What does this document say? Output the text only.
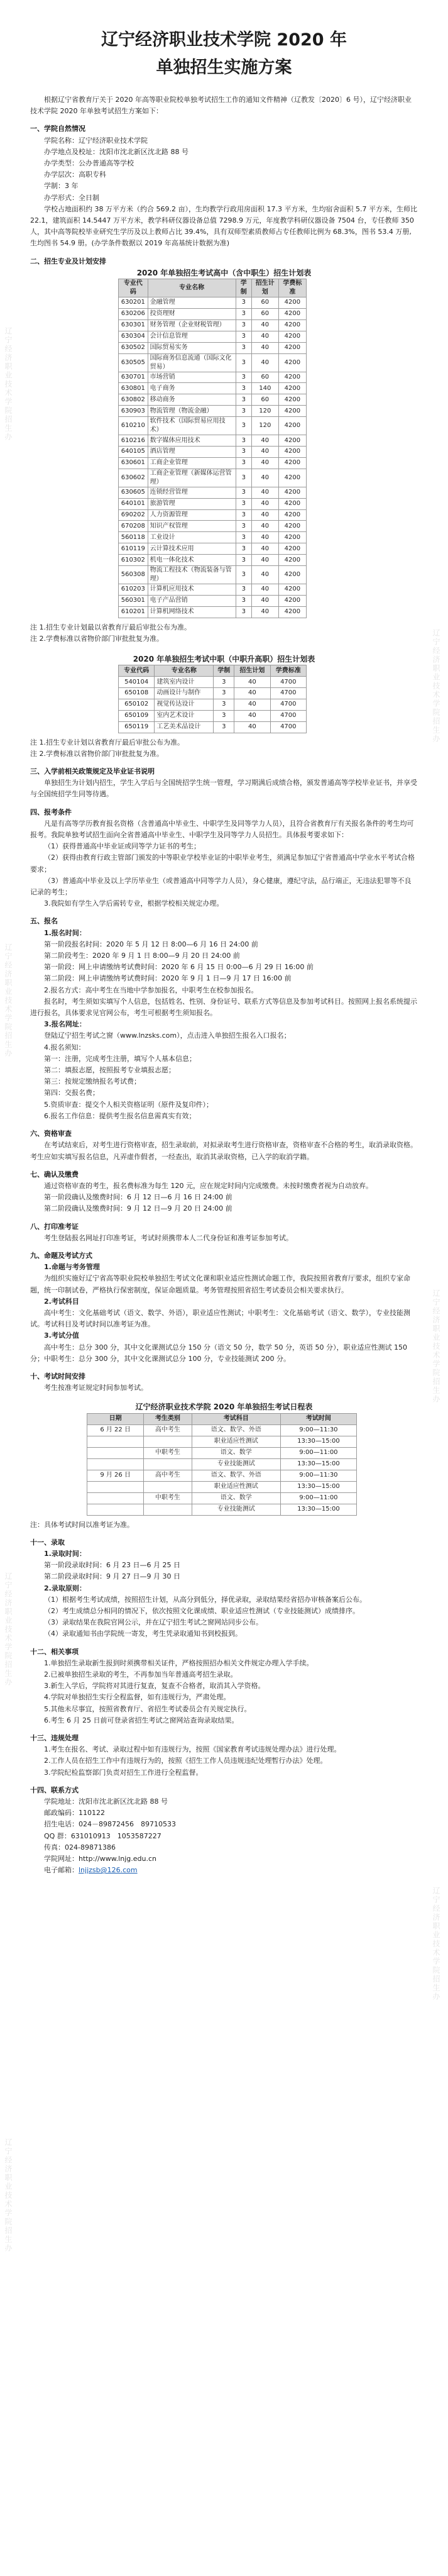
辽宁经济职业技术学院招生办
辽宁经济职业技术学院招生办
辽宁经济职业技术学院招生办
辽宁经济职业技术学院招生办
辽宁经济职业技术学院招生办
辽宁经济职业技术学院招生办
辽宁经济职业技术学院招生办
辽宁经济职业技术学院 2020 年
单独招生实施方案

根据辽宁省教育厅关于 2020 年高等职业院校单独考试招生工作的通知文件精神（辽教发〔2020〕6 号），辽宁经济职业技术学院 2020 年单独考试招生方案如下：

一、学院自然情况

学院名称：辽宁经济职业技术学院

办学地点及校址：沈阳市沈北新区沈北路 88 号

办学类型：公办普通高等学校

办学层次：高职专科

学制：3 年

办学形式：全日制

学校占地面积约 38 万平方米（约合 569.2 亩），生均教学行政用房面积 17.3 平方米，生均宿舍面积 5.7 平方米，生师比 22.1，建筑面积 14.5447 万平方米，教学科研仪器设备总值 7298.9 万元，年度教学科研仪器设备 7504 台，专任教师 350 人，其中高等院校毕业研究生学历及以上教师占比 39.4%，具有双师型素质教师占专任教师比例为 68.3%，图书 53.4 万册,生均图书 54.9 册。(办学条件数据以 2019 年高基统计数据为准)

二、招生专业及计划安排

2020 年单独招生考试高中（含中职生）招生计划表

专业代码	专业名称	学制	招生计划	学费标准
630201	金融管理	3	60	4200
630206	投资理财	3	60	4200
630301	财务管理（企业财税管理）	3	40	4200
630304	会计信息管理	3	40	4200
630502	国际贸易实务	3	40	4200
630505	国际商务信息流通（国际文化贸易）	3	40	4200
630701	市场营销	3	60	4200
630801	电子商务	3	140	4200
630802	移动商务	3	60	4200
630903	物流管理（物流金融）	3	120	4200
610210	软件技术（国际贸易应用技术）	3	120	4200
610216	数字媒体应用技术	3	40	4200
640105	酒店管理	3	40	4200
630601	工商企业管理	3	40	4200
630602	工商企业管理（新媒体运营管理）	3	40	4200
630605	连锁经营管理	3	40	4200
640101	旅游管理	3	40	4200
690202	人力资源管理	3	40	4200
670208	知识产权管理	3	40	4200
560118	工业设计	3	40	4200
610119	云计算技术应用	3	40	4200
610302	机电一体化技术	3	40	4200
560308	物流工程技术（物流装备与管理）	3	40	4200
610203	计算机应用技术	3	40	4200
560301	电子产品营销	3	40	4200
610201	计算机网络技术	3	40	4200

注 1.招生专业计划最以省教育厅最后审批公布为准。

注 2.学费标准以省物价部门审批批复为准。

2020 年单独招生考试中职（中职升高职）招生计划表

专业代码	专业名称	学制	招生计划	学费标准
540104	建筑室内设计	3	40	4700
650108	动画设计与制作	3	40	4700
650102	视觉传达设计	3	40	4700
650109	室内艺术设计	3	40	4700
650119	工艺美术品设计	3	40	4700

注 1.招生专业计划以省教育厅最后审批公布为准。

注 2.学费标准以省物价部门审批批复为准。

三、入学前相关政策规定及毕业证书说明

单独招生为计划内招生，学生入学后与全国统招学生统一管理，学习期满后成绩合格，颁发普通高等学校毕业证书，并享受与全国统招学生同等待遇。

四、报考条件

凡是有高等学历教育报名资格（含普通高中毕业生、中职学生及同等学力人员），且符合省教育厅有关报名条件的考生均可报考。我院单独考试招生面向全省普通高中毕业生、中职学生及同等学力人员招生。具体报考要求如下：

（1）获得普通高中毕业证或同等学力证书的考生；

（2）获得由教育行政主管部门颁发的中等职业学校毕业证的中职毕业考生，须满足参加辽宁省普通高中学业水平考试合格要求；

（3）普通高中毕业及以上学历毕业生（或普通高中同等学力人员），身心健康，遵纪守法，品行端正，无违法犯罪等不良记录的考生；

3.我院如有学生入学后需转专业，根据学校相关规定办理。

五、报名

1.报名时间：

第一阶段报名时间：2020 年 5 月 12 日 8:00—6 月 16 日 24:00 前

第二阶段考生：2020 年 9 月 1 日 8:00—9 月 20 日 24:00 前

第一阶段：网上申请缴纳考试费时间：2020 年 6 月 15 日 0:00—6 月 29 日 16:00 前

第二阶段：网上申请缴纳考试费时间：2020 年 9 月 1 日—9 月 17 日 16:00 前

2.报名方式：高中考生在当地中学参加报名，中职考生在校参加报名。

报名时，考生须如实填写个人信息，包括姓名、性别、身份证号、联系方式等信息及参加考试科目。按照网上报名系统提示进行报名，具体要求见官网公布，考生可根据考生须知报名。

3.报名网址：

登陆辽宁招生考试之窗（www.lnzsks.com），点击进入单独招生报名入口报名；

4.报名须知：

第一：注册，完成考生注册，填写个人基本信息；

第二：填报志愿，按照报考专业填报志愿；

第三：按规定缴纳报名考试费；

第四：交报名费；

5.资质审查：提交个人相关资格证明（原件及复印件）；

6.报名工作信息：提供考生报名信息需真实有效；

六、资格审查

在考试结束后，对考生进行资格审查，招生录取前，对拟录取考生进行资格审查，资格审查不合格的考生，取消录取资格。考生应如实填写报名信息，凡弄虚作假者，一经查出，取消其录取资格，已入学的取消学籍。

七、确认及缴费

通过资格审查的考生，报名费标准为每生 120 元，应在规定时间内完成缴费。未按时缴费者视为自动放弃。

第一阶段确认及缴费时间：6 月 12 日—6 月 16 日 24:00 前

第二阶段确认及缴费时间：9 月 12 日—9 月 20 日 24:00 前

八、打印准考证

考生登陆报名网址打印准考证，考试时须携带本人二代身份证和准考证参加考试。

九、命题及考试方式

1.命题与考务管理

为组织实施好辽宁省高等职业院校单独招生考试文化课和职业适应性测试命题工作，我院按照省教育厅要求，组织专家命题，统一印制试卷，严格执行保密制度，保证命题质量。考务管理按照省招生考试委员会相关要求执行。

2.考试科目

高中考生：文化基础考试（语文、数学、外语），职业适应性测试；中职考生：文化基础考试（语文、数学），专业技能测试。考试科目及考试时间以准考证为准。

3.考试分值

高中考生：总分 300 分，其中文化课测试总分 150 分（语文 50 分，数学 50 分，英语 50 分），职业适应性测试 150 分；中职考生：总分 300 分，其中文化课测试总分 100 分，专业技能测试 200 分。

十、考试时间安排

考生按准考证规定时间参加考试。

辽宁经济职业技术学院 2020 年单独招生考试日程表

日期	考生类别	考试科目	考试时间
6 月 22 日	高中考生	语文、数学、外语	9:00—11:30
		职业适应性测试	13:30—15:00
	中职考生	语文、数学	9:00—11:00
		专业技能测试	13:30—15:00
9 月 26 日	高中考生	语文、数学、外语	9:00—11:30
		职业适应性测试	13:30—15:00
	中职考生	语文、数学	9:00—11:00
		专业技能测试	13:30—15:00

注：具体考试时间以准考证为准。

十一、录取

1.录取时间：

第一阶段录取时间：6 月 23 日—6 月 25 日

第二阶段录取时间：9 月 27 日—9 月 30 日

2.录取原则：

（1）根据考生考试成绩，按照招生计划，从高分到低分，择优录取，录取结果经省招办审核备案后公布。

（2）考生成绩总分相同的情况下，依次按照文化课成绩、职业适应性测试（专业技能测试）成绩排序。

（3）录取结果在我院官网公示，并在辽宁招生考试之窗网站同步公布。

（4）录取通知书由学院统一寄发，考生凭录取通知书到校报到。

十二、相关事项

1.单独招生录取新生报到时须携带相关证件，严格按照招办相关文件规定办理入学手续。

2.已被单独招生录取的考生，不再参加当年普通高考招生录取。

3.新生入学后，学院将对其进行复查，复查不合格者，取消其入学资格。

4.学院对单独招生实行全程监督，如有违规行为，严肃处理。

5.其他未尽事宜，按照省教育厅、省招生考试委员会有关规定执行。

6.考生 6 月 25 日前可登录省招生考试之窗网站查询录取结果。

十三、违规处理

1.考生在报名、考试、录取过程中如有违规行为，按照《国家教育考试违规处理办法》进行处理。

2.工作人员在招生工作中有违规行为的，按照《招生工作人员违规违纪处理暂行办法》处理。

3.学院纪检监察部门负责对招生工作进行全程监督。

十四、联系方式

学院地址：沈阳市沈北新区沈北路 88 号

邮政编码：110122

招生电话：024－89872456　89710533

QQ 群：631010913　1053587227

传真：024-89871386

学院网址：http://www.lnjg.edu.cn

电子邮箱：lnjjzsb@126.com
